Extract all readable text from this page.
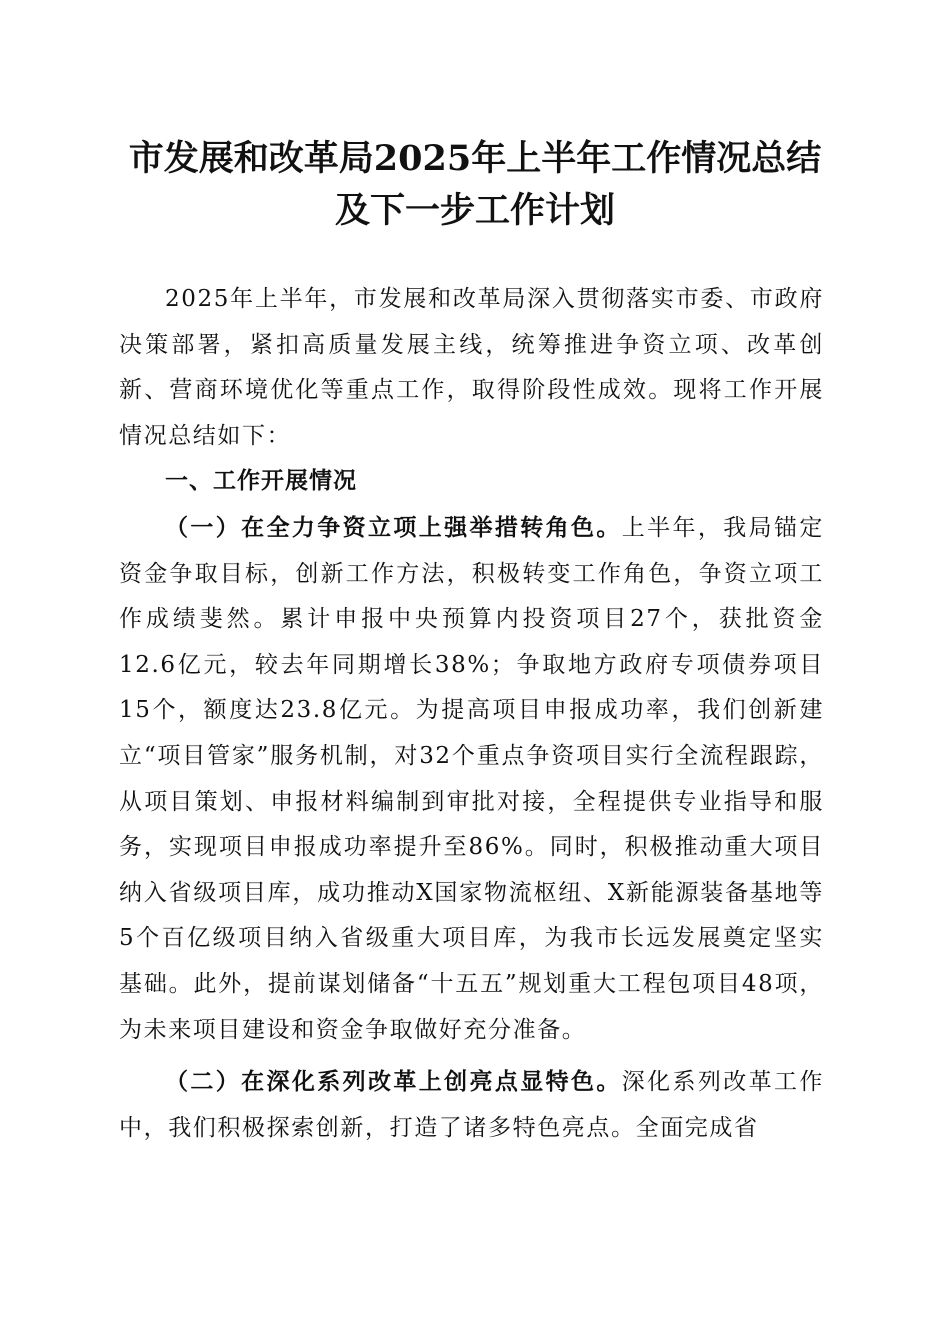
市发展和改革局2025年上半年工作情况总结
及下一步工作计划

2025年上半年，市发展和改革局深入贯彻落实市委、市政府决策部署，紧扣高质量发展主线，统筹推进争资立项、改革创新、营商环境优化等重点工作，取得阶段性成效。现将工作开展情况总结如下：

一、工作开展情况

（一）在全力争资立项上强举措转角色。上半年，我局锚定资金争取目标，创新工作方法，积极转变工作角色，争资立项工作成绩斐然。累计申报中央预算内投资项目27个，获批资金12.6亿元，较去年同期增长38%；争取地方政府专项债券项目15个，额度达23.8亿元。为提高项目申报成功率，我们创新建立“项目管家”服务机制，对32个重点争资项目实行全流程跟踪，从项目策划、申报材料编制到审批对接，全程提供专业指导和服务，实现项目申报成功率提升至86%。同时，积极推动重大项目纳入省级项目库，成功推动X国家物流枢纽、X新能源装备基地等5个百亿级项目纳入省级重大项目库，为我市长远发展奠定坚实基础。此外，提前谋划储备“十五五”规划重大工程包项目48项，为未来项目建设和资金争取做好充分准备。

（二）在深化系列改革上创亮点显特色。深化系列改革工作中，我们积极探索创新，打造了诸多特色亮点。全面完成省
